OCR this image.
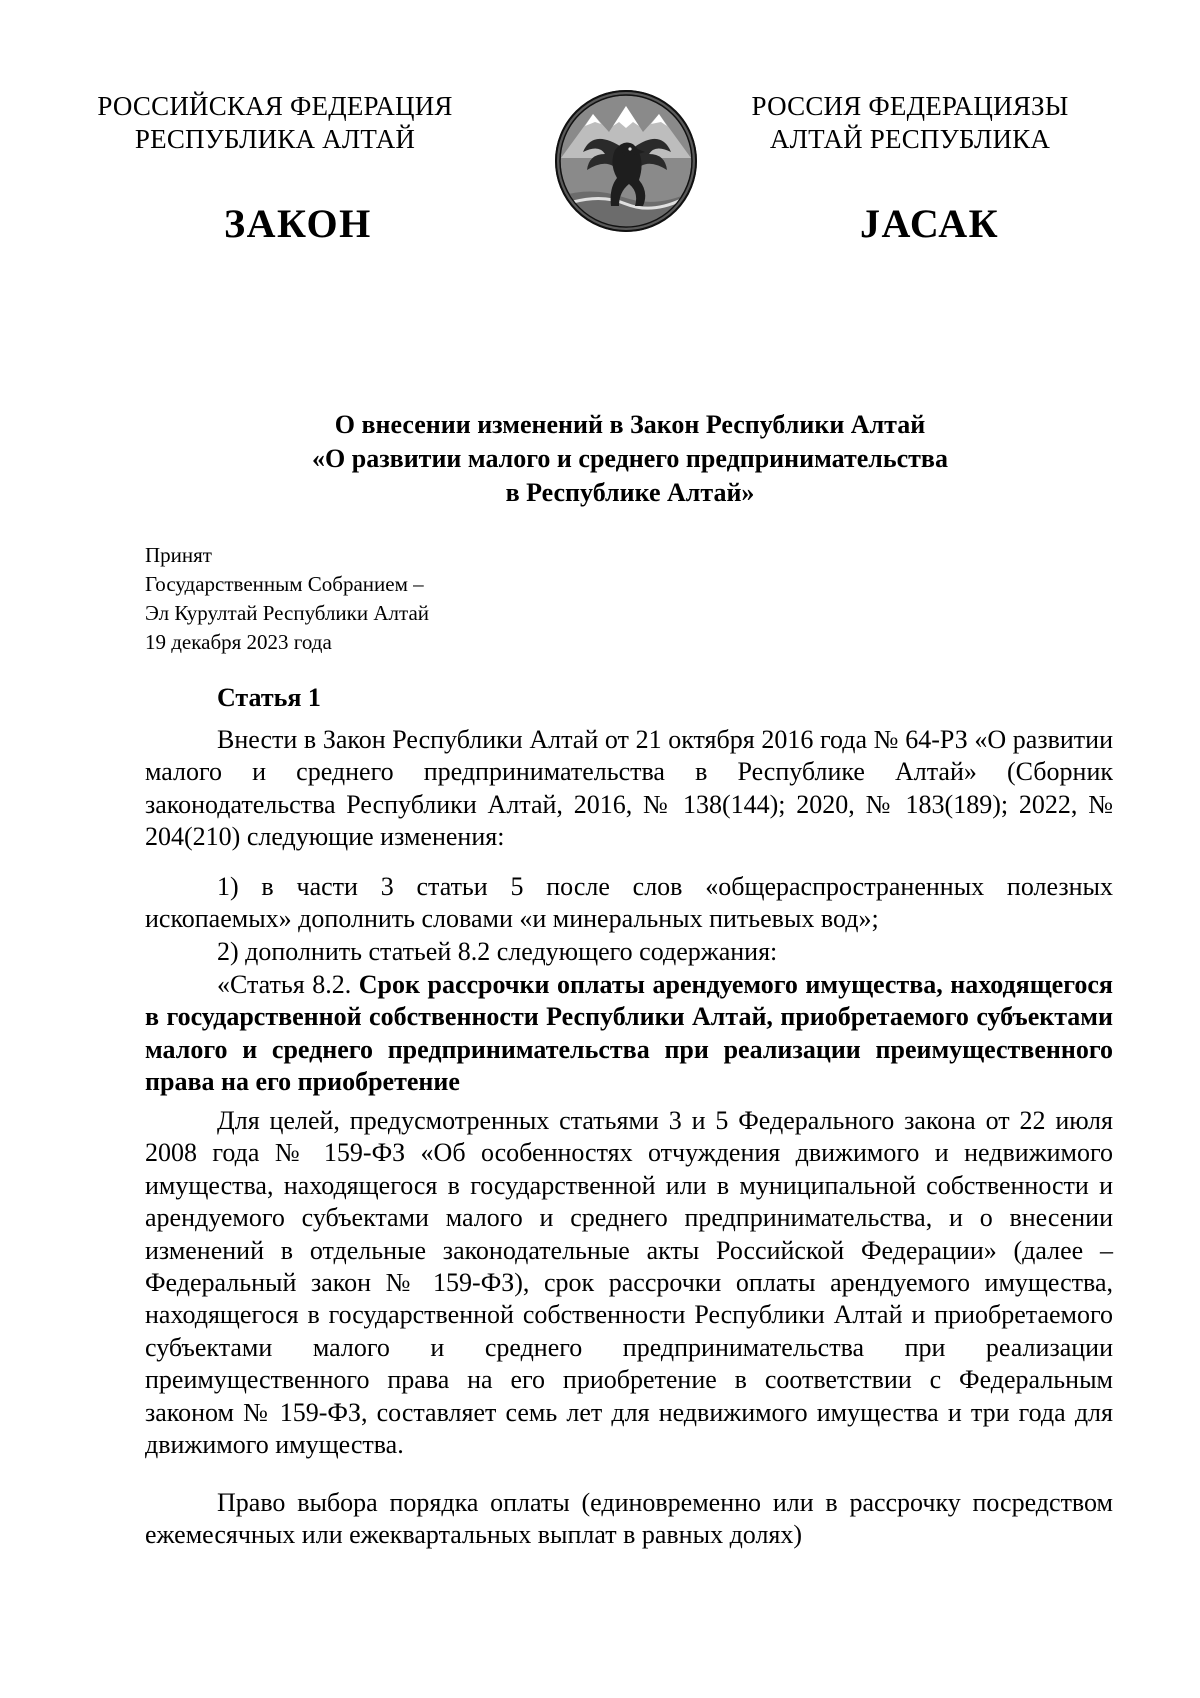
РОССИЙСКАЯ ФЕДЕРАЦИЯ
РЕСПУБЛИКА АЛТАЙ
РОССИЯ ФЕДЕРАЦИЯЗЫ
АЛТАЙ РЕСПУБЛИКА
ЗАКОН	JАСАК
О внесении изменений в Закон Республики Алтай
«О развитии малого и среднего предпринимательства
в Республике Алтай»
Принят
Государственным Собранием –
Эл Курултай Республики Алтай
19 декабря 2023 года
Статья 1

Внести в Закон Республики Алтай от 21 октября 2016 года № 64-РЗ «О развитии малого и среднего предпринимательства в Республике Алтай» (Сборник законодательства Республики Алтай, 2016, № 138(144); 2020, № 183(189); 2022, № 204(210) следующие изменения:

1) в части 3 статьи 5 после слов «общераспространенных полезных ископаемых» дополнить словами «и минеральных питьевых вод»;

2) дополнить статьей 8.2 следующего содержания:

«Статья 8.2. Срок рассрочки оплаты арендуемого имущества, находящегося в государственной собственности Республики Алтай, приобретаемого субъектами малого и среднего предпринимательства при реализации преимущественного права на его приобретение

Для целей, предусмотренных статьями 3 и 5 Федерального закона от 22 июля 2008 года № 159-ФЗ «Об особенностях отчуждения движимого и недвижимого имущества, находящегося в государственной или в муниципальной собственности и арендуемого субъектами малого и среднего предпринимательства, и о внесении изменений в отдельные законодательные акты Российской Федерации» (далее – Федеральный закон № 159-ФЗ), срок рассрочки оплаты арендуемого имущества, находящегося в государственной собственности Республики Алтай и приобретаемого субъектами малого и среднего предпринимательства при реализации преимущественного права на его приобретение в соответствии с Федеральным законом № 159-ФЗ, составляет семь лет для недвижимого имущества и три года для движимого имущества.

Право выбора порядка оплаты (единовременно или в рассрочку посредством ежемесячных или ежеквартальных выплат в равных долях)
